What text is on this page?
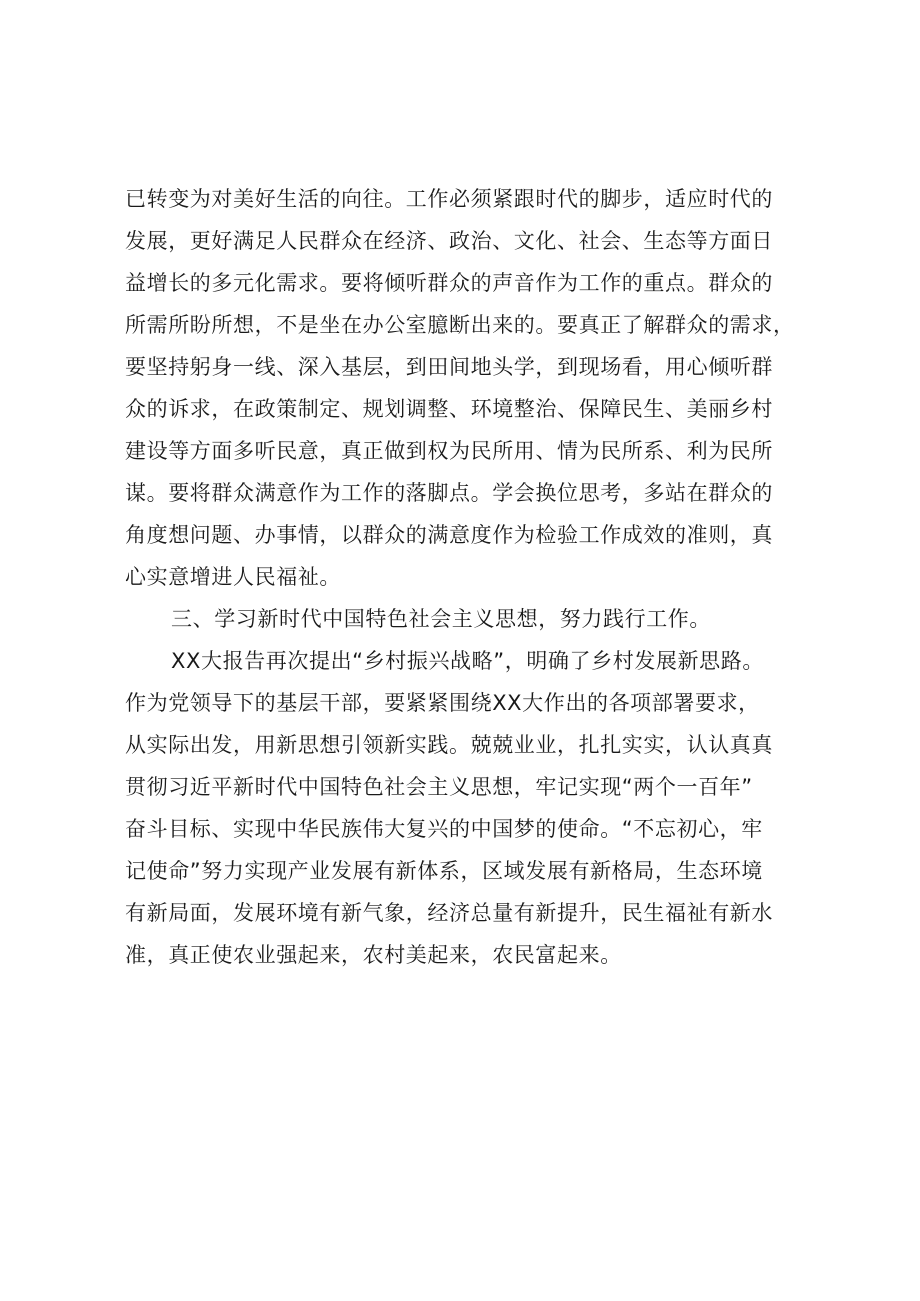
已转变为对美好生活的向往。工作必须紧跟时代的脚步，适应时代的
发展，更好满足人民群众在经济、政治、文化、社会、生态等方面日
益增长的多元化需求。要将倾听群众的声音作为工作的重点。群众的
所需所盼所想，不是坐在办公室臆断出来的。要真正了解群众的需求，
要坚持躬身一线、深入基层，到田间地头学，到现场看，用心倾听群
众的诉求，在政策制定、规划调整、环境整治、保障民生、美丽乡村
建设等方面多听民意，真正做到权为民所用、情为民所系、利为民所
谋。要将群众满意作为工作的落脚点。学会换位思考，多站在群众的
角度想问题、办事情，以群众的满意度作为检验工作成效的准则，真
心实意增进人民福祉。
三、学习新时代中国特色社会主义思想，努力践行工作。
XX大报告再次提出“乡村振兴战略”，明确了乡村发展新思路。
作为党领导下的基层干部，要紧紧围绕XX大作出的各项部署要求，
从实际出发，用新思想引领新实践。兢兢业业，扎扎实实，认认真真
贯彻习近平新时代中国特色社会主义思想，牢记实现“两个一百年”
奋斗目标、实现中华民族伟大复兴的中国梦的使命。“不忘初心，牢
记使命”努力实现产业发展有新体系，区域发展有新格局，生态环境
有新局面，发展环境有新气象，经济总量有新提升，民生福祉有新水
准，真正使农业强起来，农村美起来，农民富起来。
